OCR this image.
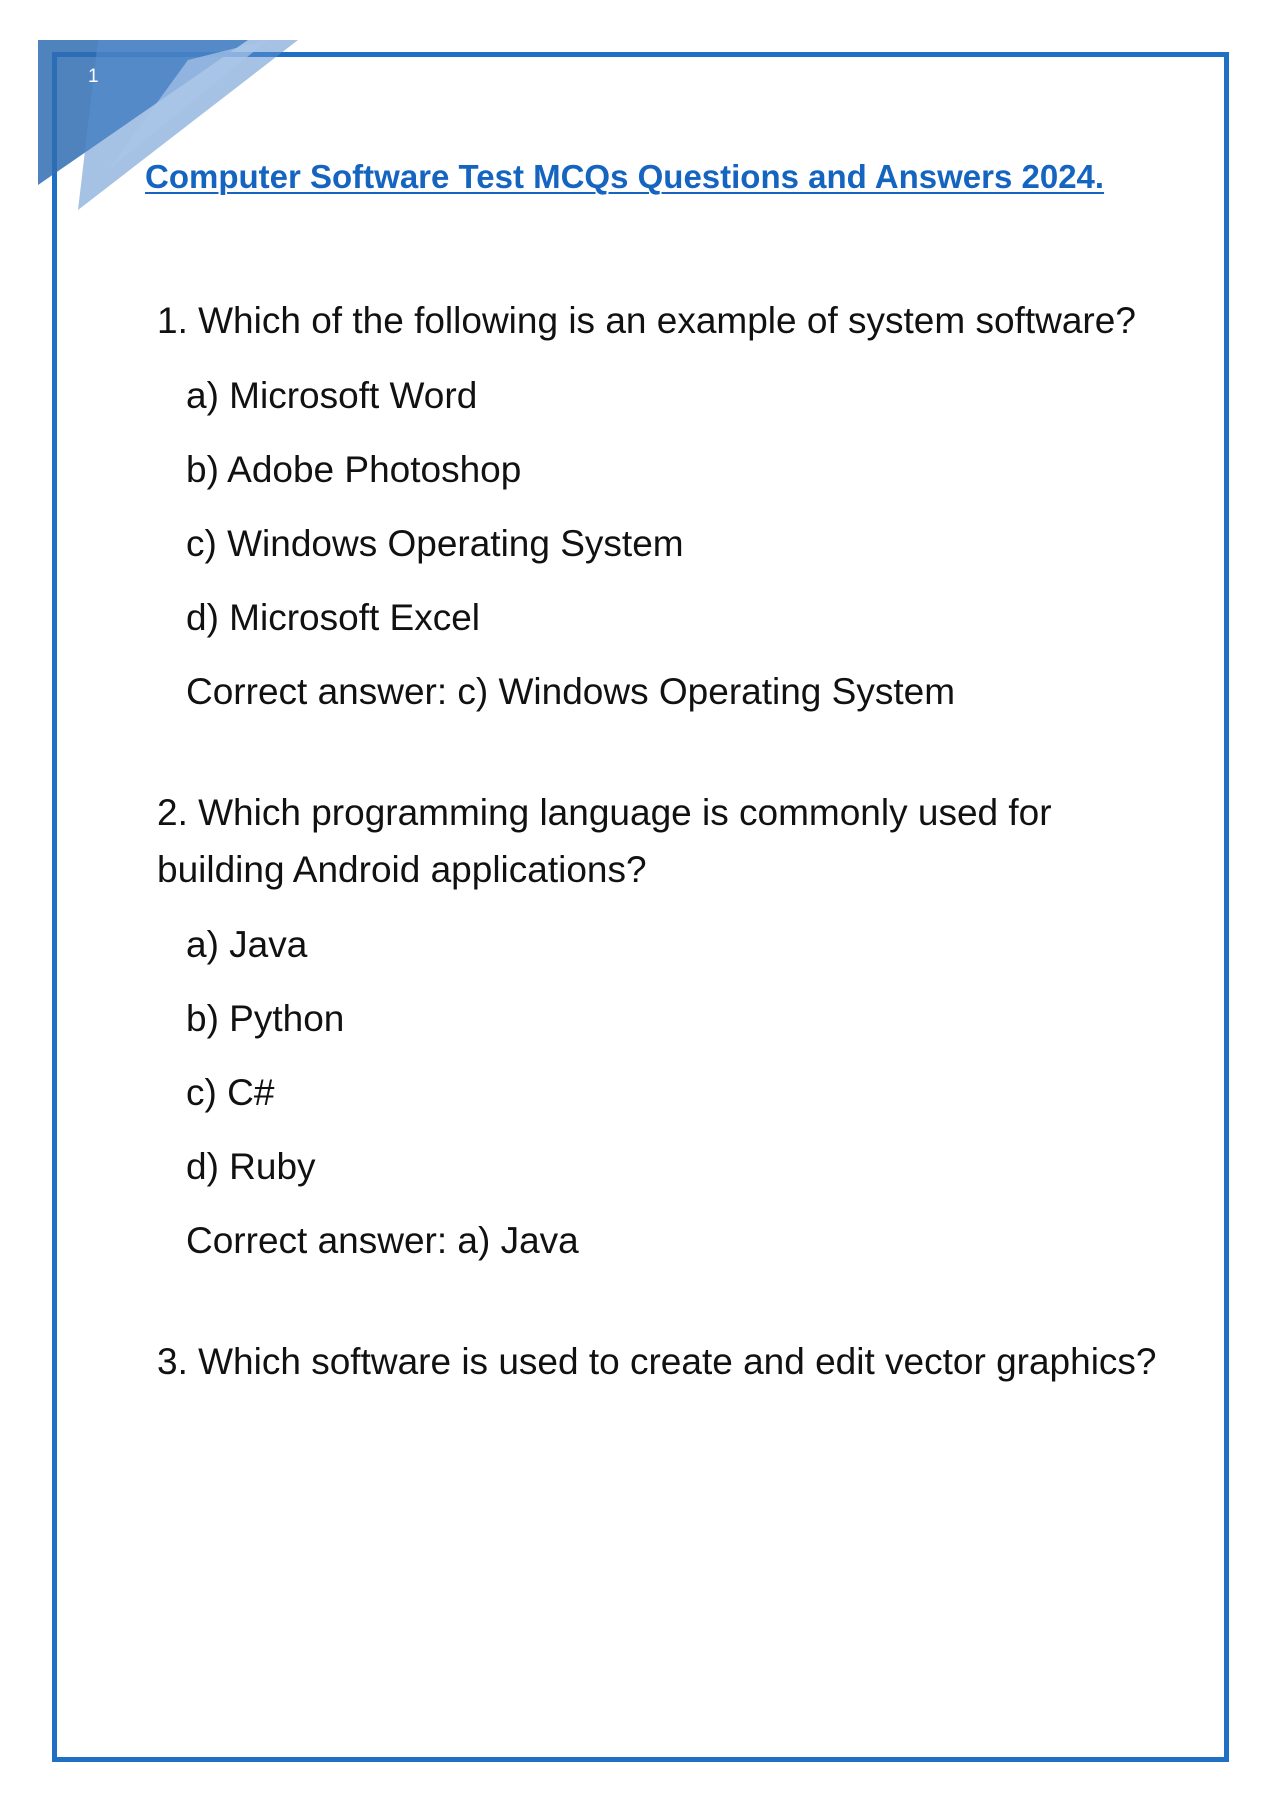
1
Computer Software Test MCQs Questions and Answers 2024.

1. Which of the following is an example of system software?

a) Microsoft Word
b) Adobe Photoshop
c) Windows Operating System
d) Microsoft Excel

Correct answer: c) Windows Operating System

2. Which programming language is commonly used for building Android applications?

a) Java
b) Python
c) C#
d) Ruby

Correct answer: a) Java

3. Which software is used to create and edit vector graphics?
